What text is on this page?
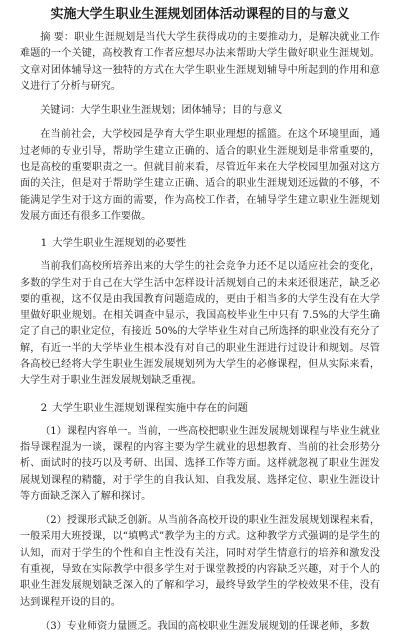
实施大学生职业生涯规划团体活动课程的目的与意义

摘 要：职业生涯规划是当代大学生获得成功的主要推动力，是解决就业工作难题的一个关键，高校教育工作者应想尽办法来帮助大学生做好职业生涯规划。文章对团体辅导这一独特的方式在大学生职业生涯规划辅导中所起到的作用和意义进行了分析与研究。

关键词：大学生职业生涯规划；团体辅导；目的与意义

在当前社会，大学校园是孕育大学生职业理想的摇篮。在这个环境里面，通过老师的专业引导，帮助学生建立正确的、适合的职业生涯规划是非常重要的，也是高校的重要职责之一。但就目前来看，尽管近年来在大学校园里加强对这方面的关注，但是对于帮助学生建立正确、适合的职业生涯规划还远做的不够，不能满足学生对于这方面的需要，作为高校工作者，在辅导学生建立职业生涯规划发展方面还有很多工作要做。

1 大学生职业生涯规划的必要性

当前我们高校所培养出来的大学生的社会竞争力还不足以适应社会的变化，多数的学生对于自己在大学生活中怎样设计活规划自己的未来还很迷茫，缺乏必要的重视，这不仅是由我国教育问题造成的，更由于相当多的大学生没有在大学里做好职业规划。在相关调查中显示，我国高校毕业生中只有 7.5%的大学生确定了自己的职业定位，有接近 50%的大学毕业生对自己所选择的职业没有充分了解，有近一半的大学毕业生根本没有对自己的职业生涯进行过设计和规划。尽管各高校已经将大学生职业生涯发展规划列为大学生的必修课程，但从实际来看，大学生对于职业生涯发展规划缺乏重视。

2 大学生职业生涯规划课程实施中存在的问题

（1）课程内容单一。当前，一些高校把职业生涯发展规划课程与毕业生就业指导课程混为一谈，课程的内容主要为学生就业的思想教育、当前的社会形势分析、面试时的技巧以及考研、出国、选择工作等方面。这样就忽视了职业生涯发展规划课程的精髓，对于学生的自我认知、自我发展、选择定位、职业生涯设计等方面缺乏深入了解和探讨。

（2）授课形式缺乏创新。从当前各高校开设的职业生涯发展规划课程来看，一般采用大班授课，以“填鸭式”教学为主的方式。这种教学方式强调的是学生的认知，而对于学生的个性和自主性没有关注，同时对学生情意行的培养和激发没有重视，导致在实际教学中很多学生对于课堂教授的内容缺乏兴趣，对于个人的职业生涯发展规划缺乏深入的了解和学习，最终导致学生的学校效果不佳，没有达到课程开设的目的。

（3）专业师资力量匮乏。我国的高校职业生涯发展规划的任课老师，多数
